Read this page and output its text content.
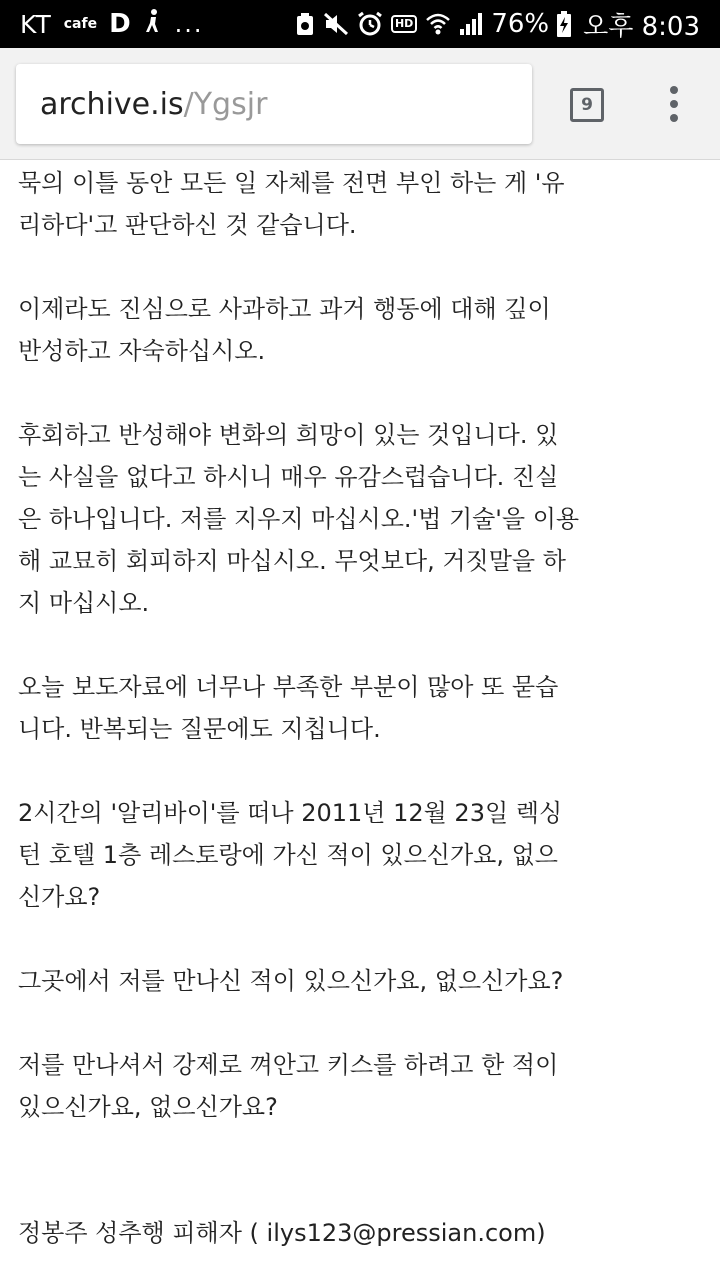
KT cafe D ...	HD	76% 오후 8:03
archive.is /Ygsjr	9

묵의 이틀 동안 모든 일 자체를 전면 부인 하는 게 '유
리하다'고 판단하신 것 같습니다.

이제라도 진심으로 사과하고 과거 행동에 대해 깊이
반성하고 자숙하십시오.

후회하고 반성해야 변화의 희망이 있는 것입니다. 있
는 사실을 없다고 하시니 매우 유감스럽습니다. 진실
은 하나입니다. 저를 지우지 마십시오.'법 기술'을 이용
해 교묘히 회피하지 마십시오. 무엇보다, 거짓말을 하
지 마십시오.

오늘 보도자료에 너무나 부족한 부분이 많아 또 묻습
니다. 반복되는 질문에도 지칩니다.

2시간의 '알리바이'를 떠나 2011년 12월 23일 렉싱
턴 호텔 1층 레스토랑에 가신 적이 있으신가요, 없으
신가요?

그곳에서 저를 만나신 적이 있으신가요, 없으신가요?

저를 만나셔서 강제로 껴안고 키스를 하려고 한 적이
있으신가요, 없으신가요?

정봉주 성추행 피해자 ( ilys123@pressian.com)
